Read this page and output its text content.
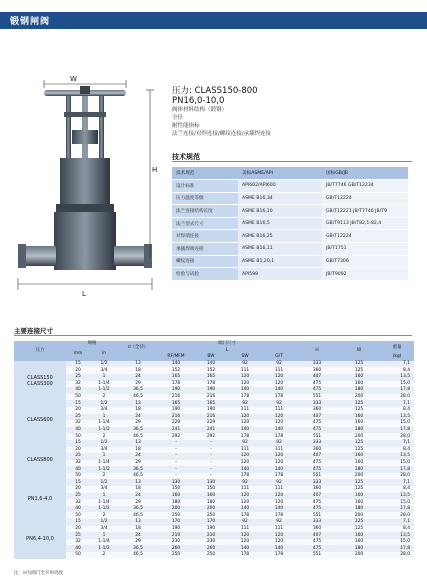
锻钢闸阀
W
H
L
压力: CLASS150-800
PN16,0-10,0
阀体材料结构（锻钢）
全径
耐性能指标
法兰连接/对焊连接/螺纹连接/承插焊连接
技术规范
技术规范	美标ASME/API	国标GB/JB
设计标准	API602/API600	JB/T7746 GB/T12234
压力温度等级	ASME B16,34	GB/T12224
法兰连接结构长度	ASME B16,10	GB/T12221 JB/T7746 JB/T9
法兰型式尺寸	ASME B16,5	GB/T9113 JB/T82,1-82,4
对焊端连接	ASME B16,25	GB/T12224
承插焊端连接	ASME B16,11	JB/T1751
螺纹连接	ASME B1,20,1	GB/T7306
检验与试验	API598	JB/T9092
主要连接尺寸
压力	规格		d（全径）	阀门尺寸				H	W	重量
	mm	in		L						
				RF/MFM	BW	SW	G/T			(kg)
CLASS150
CLASS300	15	1/2	13	140	140	92	92	333	125	7,1
	20	3/4	18	152	152	111	111	360	125	8,4
	25	1	24	165	165	120	120	407	160	13,5
	32	1-1/4	29	178	178	120	120	475	160	15,0
	40	1-1/2	36,5	190	190	140	140	475	180	17,8
	50	2	46,5	216	216	178	178	551	200	28,0
CLASS600	15	1/2	13	165	165	92	92	333	125	7,1
	20	3/4	18	190	190	111	111	360	125	8,4
	25	1	24	216	216	120	120	407	160	13,5
	32	1-1/4	29	229	229	120	120	475	160	15,0
	40	1-1/2	36,5	241	241	140	140	475	180	17,8
	50	2	46,5	292	292	178	178	551	200	28,0
CLASS800	15	1/2	13	-	-	92	92	333	125	7,1
	20	3/4	18	-	-	111	111	360	125	8,4
	25	1	24	-	-	120	120	407	160	13,5
	32	1-1/4	29	-	-	120	120	475	160	15,0
	40	1-1/2	36,5	-	-	140	140	475	180	17,8
	50	2	46,5	-	-	178	178	551	200	28,0
PN1,6-4,0	15	1/2	13	130	130	92	92	333	125	7,1
	20	3/4	18	150	150	111	111	360	125	8,4
	25	1	24	160	160	120	120	407	160	13,5
	32	1-1/4	29	180	180	120	120	475	160	15,0
	40	1-1/2	36,5	200	200	140	140	475	180	17,8
	50	2	46,5	250	250	178	178	551	200	28,0
PN6,4-10,0	15	1/2	13	170	170	92	92	333	125	7,1
	20	3/4	18	190	190	111	111	360	125	8,4
	25	1	24	210	210	120	120	407	160	13,5
	32	1-1/4	29	230	230	120	120	475	160	15,0
	40	1-1/2	36,5	260	260	140	140	475	180	17,8
	50	2	46,5	250	250	178	178	551	200	28,0
注：H为阀门全开时高度
